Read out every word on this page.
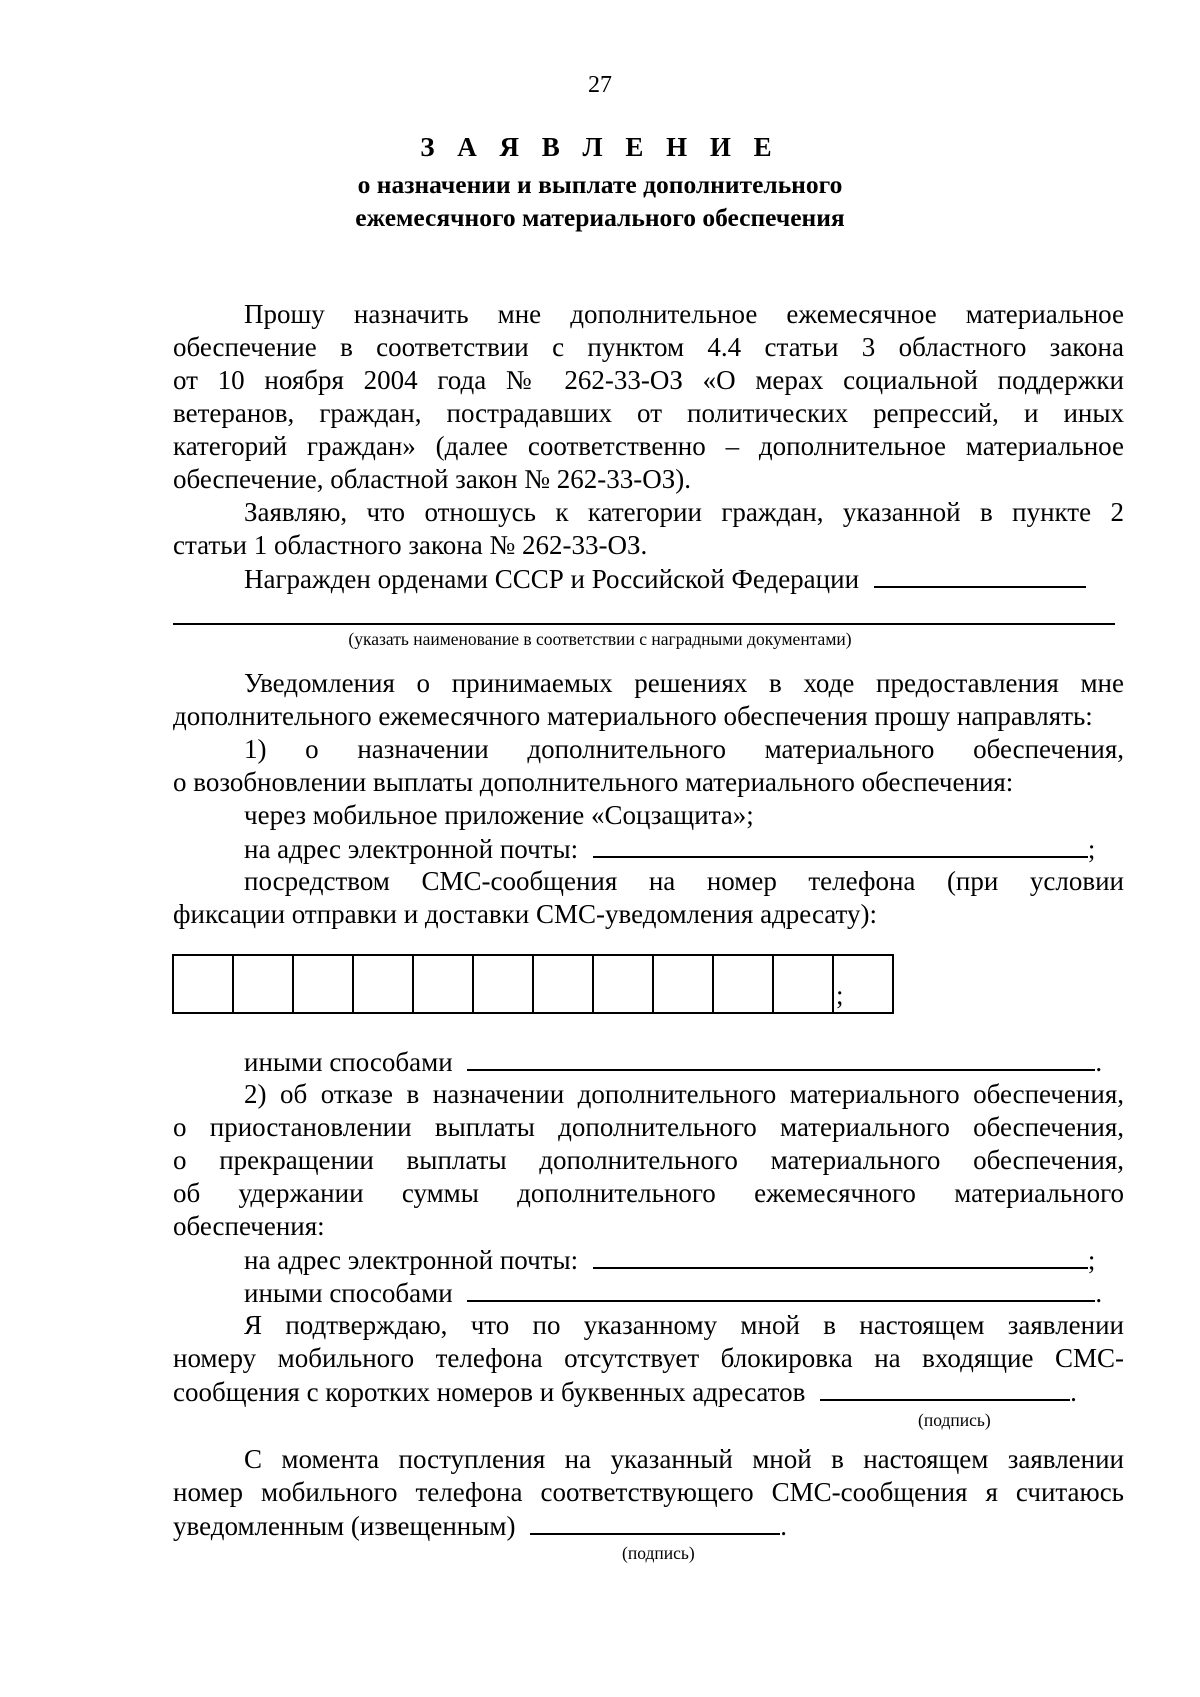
27
З А Я В Л Е Н И Е
о назначении и выплате дополнительного
ежемесячного материального обеспечения
Прошу назначить мне дополнительное ежемесячное материальное
обеспечение в соответствии с пунктом 4.4 статьи 3 областного закона
от 10 ноября 2004 года № 262-33-ОЗ «О мерах социальной поддержки
ветеранов, граждан, пострадавших от политических репрессий, и иных
категорий граждан» (далее соответственно – дополнительное материальное
обеспечение, областной закон № 262-33-ОЗ).
Заявляю, что отношусь к категории граждан, указанной в пункте 2
статьи 1 областного закона № 262-33-ОЗ.
Награжден орденами СССР и Российской Федерации
(указать наименование в соответствии с наградными документами)
Уведомления о принимаемых решениях в ходе предоставления мне
дополнительного ежемесячного материального обеспечения прошу направлять:
1) о назначении дополнительного материального обеспечения,
о возобновлении выплаты дополнительного материального обеспечения:
через мобильное приложение «Соцзащита»;
на адрес электронной почты:	;
посредством СМС-сообщения на номер телефона (при условии
фиксации отправки и доставки СМС-уведомления адресату):
;
иными способами	.
2) об отказе в назначении дополнительного материального обеспечения,
о приостановлении выплаты дополнительного материального обеспечения,
о прекращении выплаты дополнительного материального обеспечения,
об удержании суммы дополнительного ежемесячного материального
обеспечения:
на адрес электронной почты:	;
иными способами	.
Я подтверждаю, что по указанному мной в настоящем заявлении
номеру мобильного телефона отсутствует блокировка на входящие СМС-
сообщения с коротких номеров и буквенных адресатов	.
(подпись)
С момента поступления на указанный мной в настоящем заявлении
номер мобильного телефона соответствующего СМС-сообщения я считаюсь
уведомленным (извещенным)	.
(подпись)
